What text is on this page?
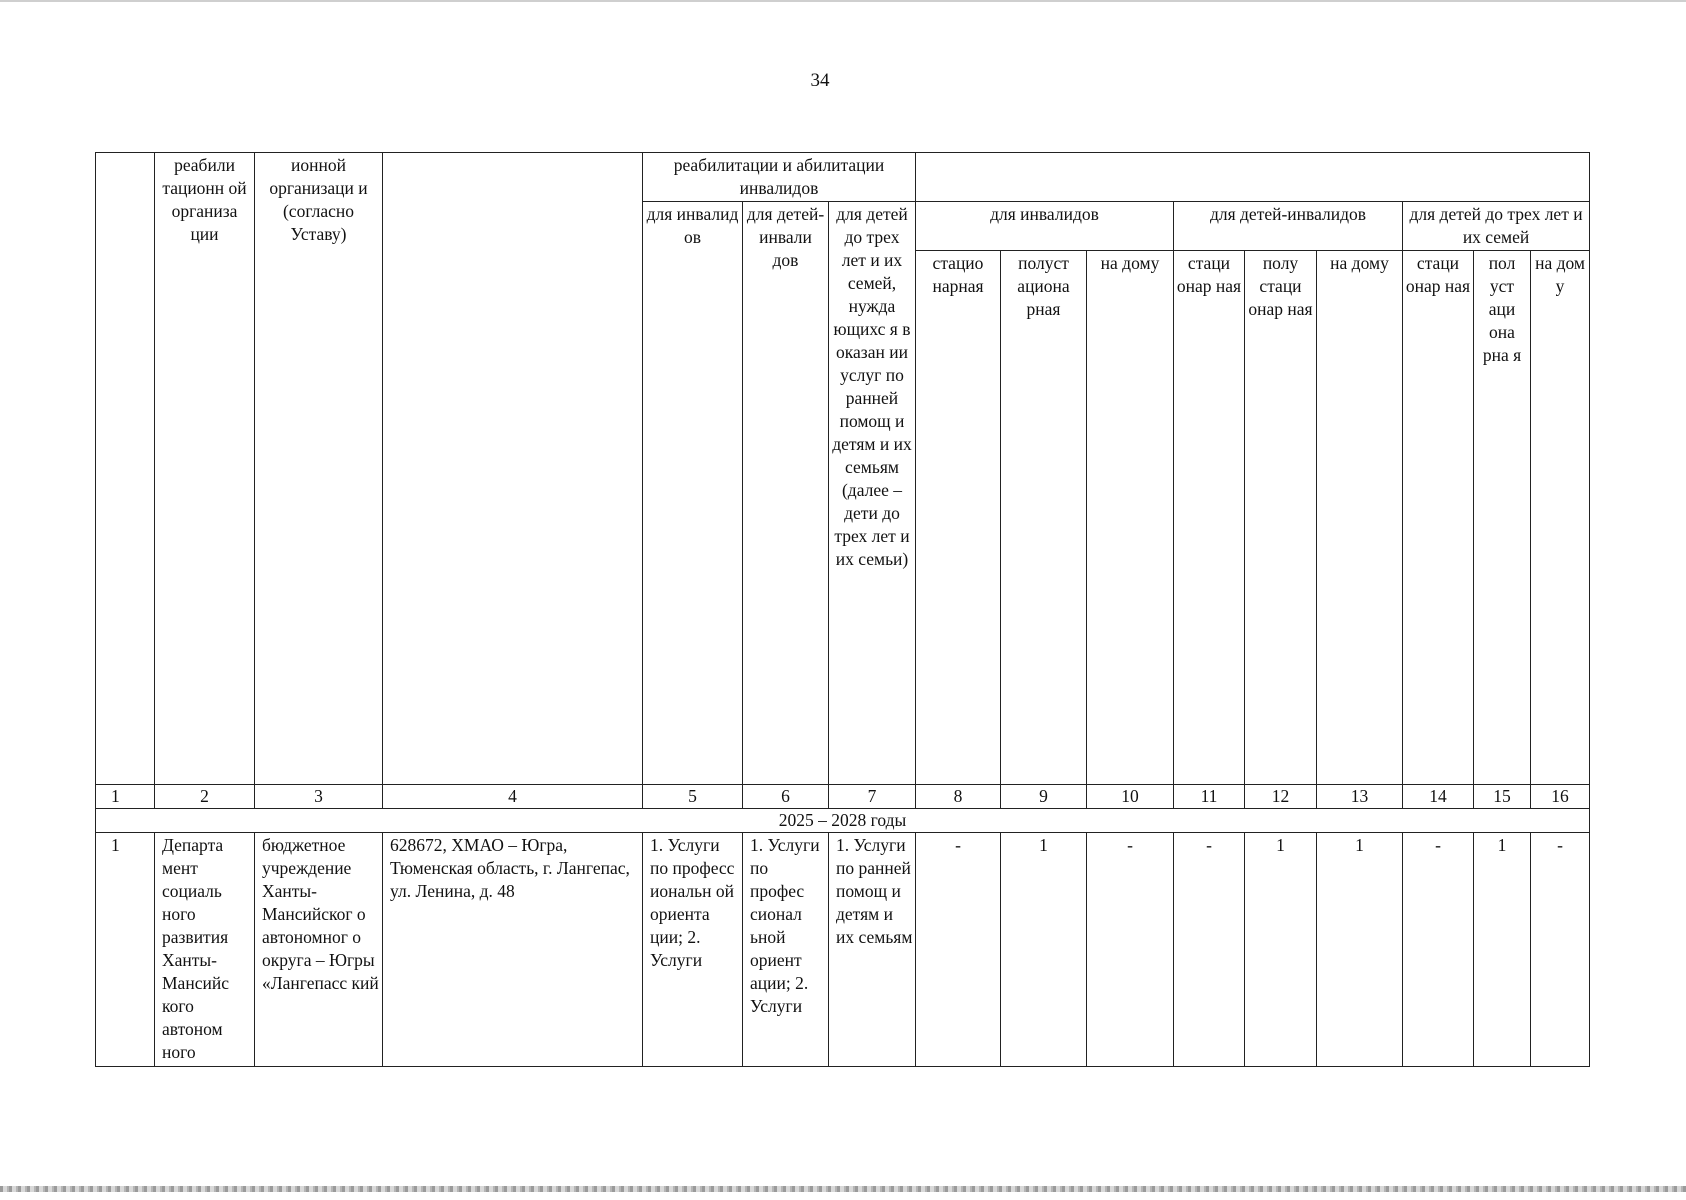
34
	реабили тационн ой организа ции	ионной организаци и (согласно Уставу)		реабилитации и абилитации инвалидов											
				для инвалид ов	для детей- инвали дов	для детей до трех лет и их семей, нужда ющихс я в оказан ии услуг по ранней помощ и детям и их семьям (далее – дети до трех лет и их семьи)	для инвалидов			для детей-инвалидов			для детей до трех лет и их семей		
							стацио нарная	полуст ациона рная	на дому	стаци онар ная	полу стаци онар ная	на дому	стаци онар ная	пол уст аци она рна я	на дом у
1	2	3	4	5	6	7	8	9	10	11	12	13	14	15	16
2025 – 2028 годы															
1	Департа мент социаль ного развития Ханты- Мансийс кого автоном ного	бюджетное учреждение Ханты- Мансийског о автономног о округа – Югры «Лангепасс кий	628672, ХМАО – Югра, Тюменская область, г. Лангепас, ул. Ленина, д. 48	1. Услуги по професс иональн ой ориента ции; 2. Услуги	1. Услуги по профес сионал ьной ориент ации; 2. Услуги	1. Услуги по ранней помощ и детям и их семьям	-	1	-	-	1	1	-	1	-
